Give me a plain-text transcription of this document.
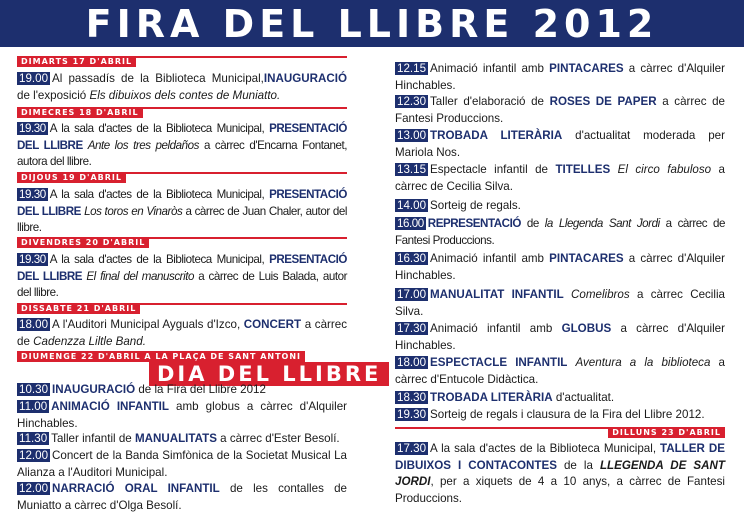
FIRA DEL LLIBRE 2012
DIMARTS 17 D'ABRIL
19.00 Al passadís de la Biblioteca Municipal,INAUGURACIÓ de l'exposició Els dibuixos dels contes de Muniatto.
DIMECRES 18 D'ABRIL
19.30 A la sala d'actes de la Biblioteca Municipal, PRESENTACIÓ DEL LLIBRE Ante los tres peldaños a càrrec d'Encarna Fontanet, autora del llibre.
DIJOUS 19 D'ABRIL
19.30 A la sala d'actes de la Biblioteca Municipal, PRESENTACIÓ DEL LLIBRE Los toros en Vinaròs a càrrec de Juan Chaler, autor del llibre.
DIVENDRES 20 D'ABRIL
19.30 A la sala d'actes de la Biblioteca Municipal, PRESENTACIÓ DEL LLIBRE El final del manuscrito a càrrec de Luis Balada, autor del llibre.
DISSABTE 21 D'ABRIL
18.00 A l'Auditori Municipal Ayguals d'Izco, CONCERT a càrrec de Cadenzza Liltle Band.
DIUMENGE 22 D'ABRIL A LA PLAÇA DE SANT ANTONI
DIA DEL LLIBRE
10.30 INAUGURACIÓ de la Fira del Llibre 2012
11.00 ANIMACIÓ INFANTIL amb globus a càrrec d'Alquiler Hinchables.
11.30 Taller infantil de MANUALITATS a càrrec d'Ester Besolí.
12.00 Concert de la Banda Simfònica de la Societat Musical La Alianza a l'Auditori Municipal.
12.00 NARRACIÓ ORAL INFANTIL de les contalles de Muniatto a càrrec d'Olga Besolí.
12.15 Animació infantil amb PINTACARES a càrrec d'Alquiler Hinchables.
12.30 Taller d'elaboració de ROSES DE PAPER a càrrec de Fantesi Produccions.
13.00 TROBADA LITERÀRIA d'actualitat moderada per Mariola Nos.
13.15 Espectacle infantil de TITELLES El circo fabuloso a càrrec de Cecilia Silva.
14.00 Sorteig de regals.
16.00 REPRESENTACIÓ de la Llegenda Sant Jordi a càrrec de Fantesi Produccions.
16.30 Animació infantil amb PINTACARES a càrrec d'Alquiler Hinchables.
17.00 MANUALITAT INFANTIL Comelibros a càrrec Cecilia Silva.
17.30 Animació infantil amb GLOBUS a càrrec d'Alquiler Hinchables.
18.00 ESPECTACLE INFANTIL Aventura a la biblioteca a càrrec d'Entucole Didàctica.
18.30 TROBADA LITERÀRIA d'actualitat.
19.30 Sorteig de regals i clausura de la Fira del Llibre 2012.
DILLUNS 23 D'ABRIL
17.30 A la sala d'actes de la Biblioteca Municipal, TALLER DE DIBUIXOS I CONTACONTES de la LLEGENDA DE SANT JORDI, per a xiquets de 4 a 10 anys, a càrrec de Fantesi Produccions.
